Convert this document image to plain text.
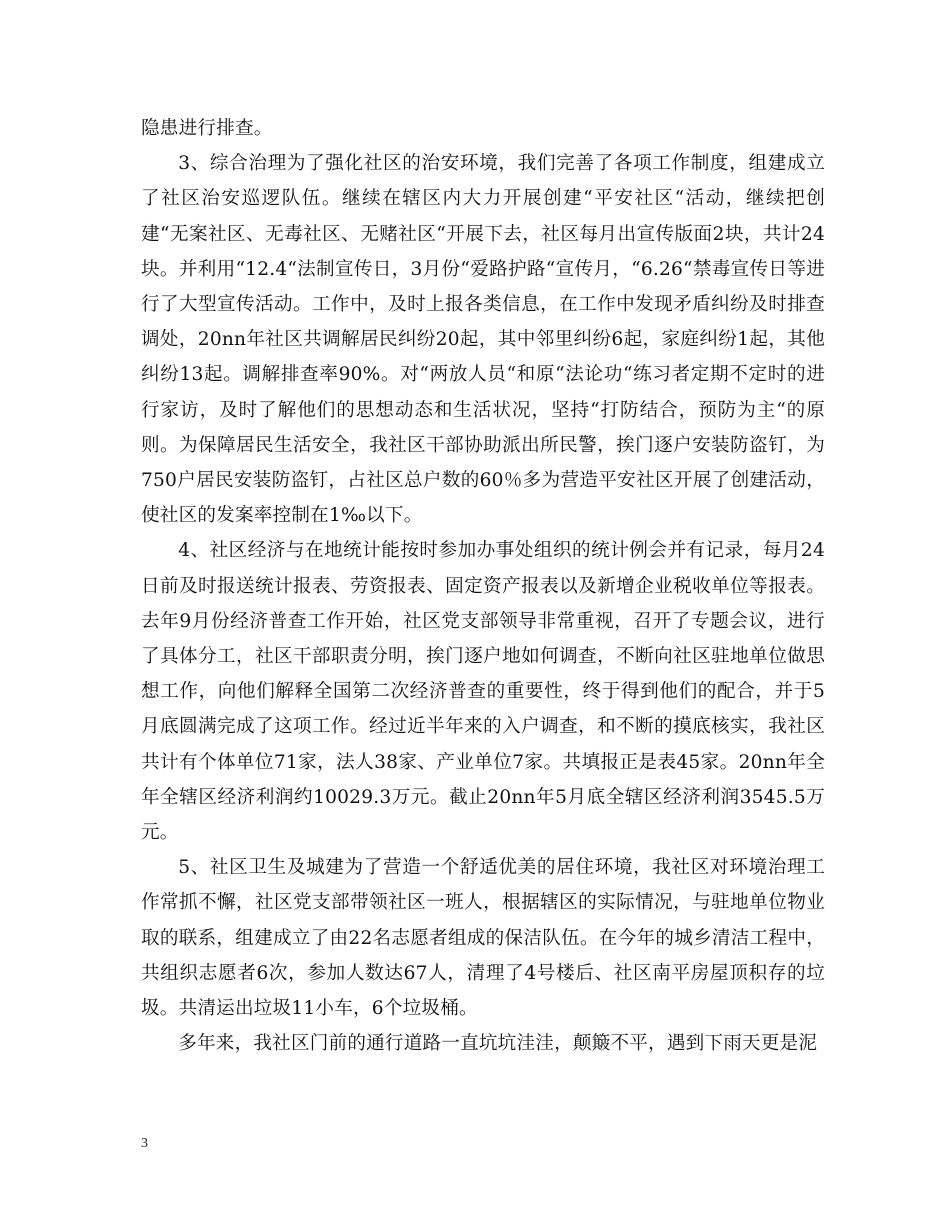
隐患进行排查。

3、综合治理为了强化社区的治安环境，我们完善了各项工作制度，组建成立了社区治安巡逻队伍。继续在辖区内大力开展创建“平安社区“活动，继续把创建“无案社区、无毒社区、无赌社区“开展下去，社区每月出宣传版面2块，共计24块。并利用“12.4“法制宣传日，3月份“爱路护路“宣传月，“6.26“禁毒宣传日等进行了大型宣传活动。工作中，及时上报各类信息，在工作中发现矛盾纠纷及时排查调处，20nn年社区共调解居民纠纷20起，其中邻里纠纷6起，家庭纠纷1起，其他纠纷13起。调解排查率90%。对“两放人员“和原“法论功“练习者定期不定时的进行家访，及时了解他们的思想动态和生活状况，坚持“打防结合，预防为主“的原则。为保障居民生活安全，我社区干部协助派出所民警，挨门逐户安装防盗钉，为750户居民安装防盗钉，占社区总户数的60％多为营造平安社区开展了创建活动，使社区的发案率控制在1‰以下。

4、社区经济与在地统计能按时参加办事处组织的统计例会并有记录，每月24日前及时报送统计报表、劳资报表、固定资产报表以及新增企业税收单位等报表。去年9月份经济普查工作开始，社区党支部领导非常重视，召开了专题会议，进行了具体分工，社区干部职责分明，挨门逐户地如何调查，不断向社区驻地单位做思想工作，向他们解释全国第二次经济普查的重要性，终于得到他们的配合，并于5月底圆满完成了这项工作。经过近半年来的入户调查，和不断的摸底核实，我社区共计有个体单位71家，法人38家、产业单位7家。共填报正是表45家。20nn年全年全辖区经济利润约10029.3万元。截止20nn年5月底全辖区经济利润3545.5万元。

5、社区卫生及城建为了营造一个舒适优美的居住环境，我社区对环境治理工作常抓不懈，社区党支部带领社区一班人，根据辖区的实际情况，与驻地单位物业取的联系，组建成立了由22名志愿者组成的保洁队伍。在今年的城乡清洁工程中，共组织志愿者6次，参加人数达67人，清理了4号楼后、社区南平房屋顶积存的垃圾。共清运出垃圾11小车，6个垃圾桶。

多年来，我社区门前的通行道路一直坑坑洼洼，颠簸不平，遇到下雨天更是泥

3
